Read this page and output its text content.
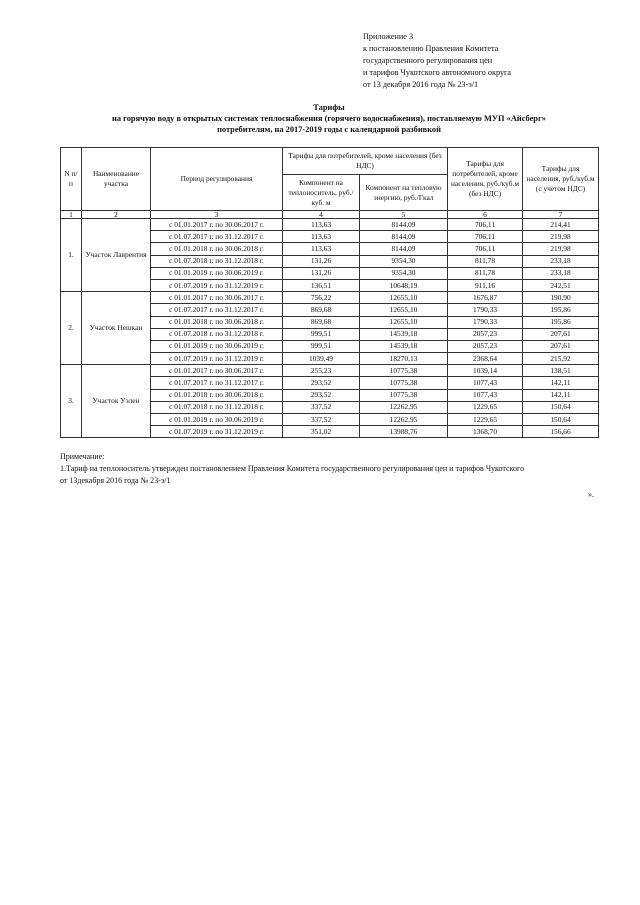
Приложение 3
к постановлению Правления Комитета
государственного регулирования цен
и тарифов Чукотского автономного округа
от 13 декабря 2016 года № 23-э/1
Тарифы
на горячую воду в открытых системах теплоснабжения (горячего водоснабжения), поставляемую МУП «Айсберг»
потребителям, на 2017-2019 годы с календарной разбивкой
N п/п	Наименование участка	Период регулирования	Тарифы для потребителей, кроме населения (без НДС)		Тарифы для потребителей, кроме населения, руб./куб.м (без НДС)	Тарифы для населения, руб./куб.м (с учетом НДС)
			Компонент на теплоноситель, руб./куб. м	Компонент на тепловую энергию, руб./Гкал		
1	2	3	4	5	6	7
1.	Участок Лаврентия	с 01.01.2017 г. по 30.06.2017 г.	113,63	8144,09	706,11	214,41
		с 01.07.2017 г. по 31.12.2017 г.	113,63	8144,09	706,11	219,98
		с 01.01.2018 г. по 30.06.2018 г.	113,63	8144,09	706,11	219,98
		с 01.07.2018 г. по 31.12.2018 г.	131,26	9354,30	811,78	233,18
		с 01.01.2019 г. по 30.06.2019 г.	131,26	9354,30	811,78	233,18
		с 01.07.2019 г. по 31.12.2019 г.	136,51	10648,19	911,16	242,51
2.	Участок Нешкан	с 01.01.2017 г. по 30.06.2017 г.	756,22	12655,10	1676,87	190,90
		с 01.07.2017 г. по 31.12.2017 г.	869,68	12655,10	1790,33	195,86
		с 01.01.2018 г. по 30.06.2018 г.	869,68	12655,10	1790,33	195,86
		с 01.07.2018 г. по 31.12.2018 г.	999,51	14539,18	2057,23	207,61
		с 01.01.2019 г. по 30.06.2019 г.	999,51	14539,18	2057,23	207,61
		с 01.07.2019 г. по 31.12.2019 г.	1039,49	18270,13	2368,64	215,92
3.	Участок Уэлен	с 01.01.2017 г. по 30.06.2017 г.	255,23	10775,38	1039,14	138,51
		с 01.07.2017 г. по 31.12.2017 г.	293,52	10775,38	1077,43	142,11
		с 01.01.2018 г. по 30.06.2018 г.	293,52	10775,38	1077,43	142,11
		с 01.07.2018 г. по 31.12.2018 г.	337,52	12262,95	1229,65	150,64
		с 01.01.2019 г. по 30.06.2019 г.	337,52	12262,95	1229,65	150,64
		с 01.07.2019 г. по 31.12.2019 г.	351,02	13988,76	1368,70	156,66
Примечание:
1.Тариф на теплоноситель утвержден постановлением Правления Комитета государственного регулирования цен и тарифов Чукотского
от 13декабря 2016 года № 23-э/1
».
